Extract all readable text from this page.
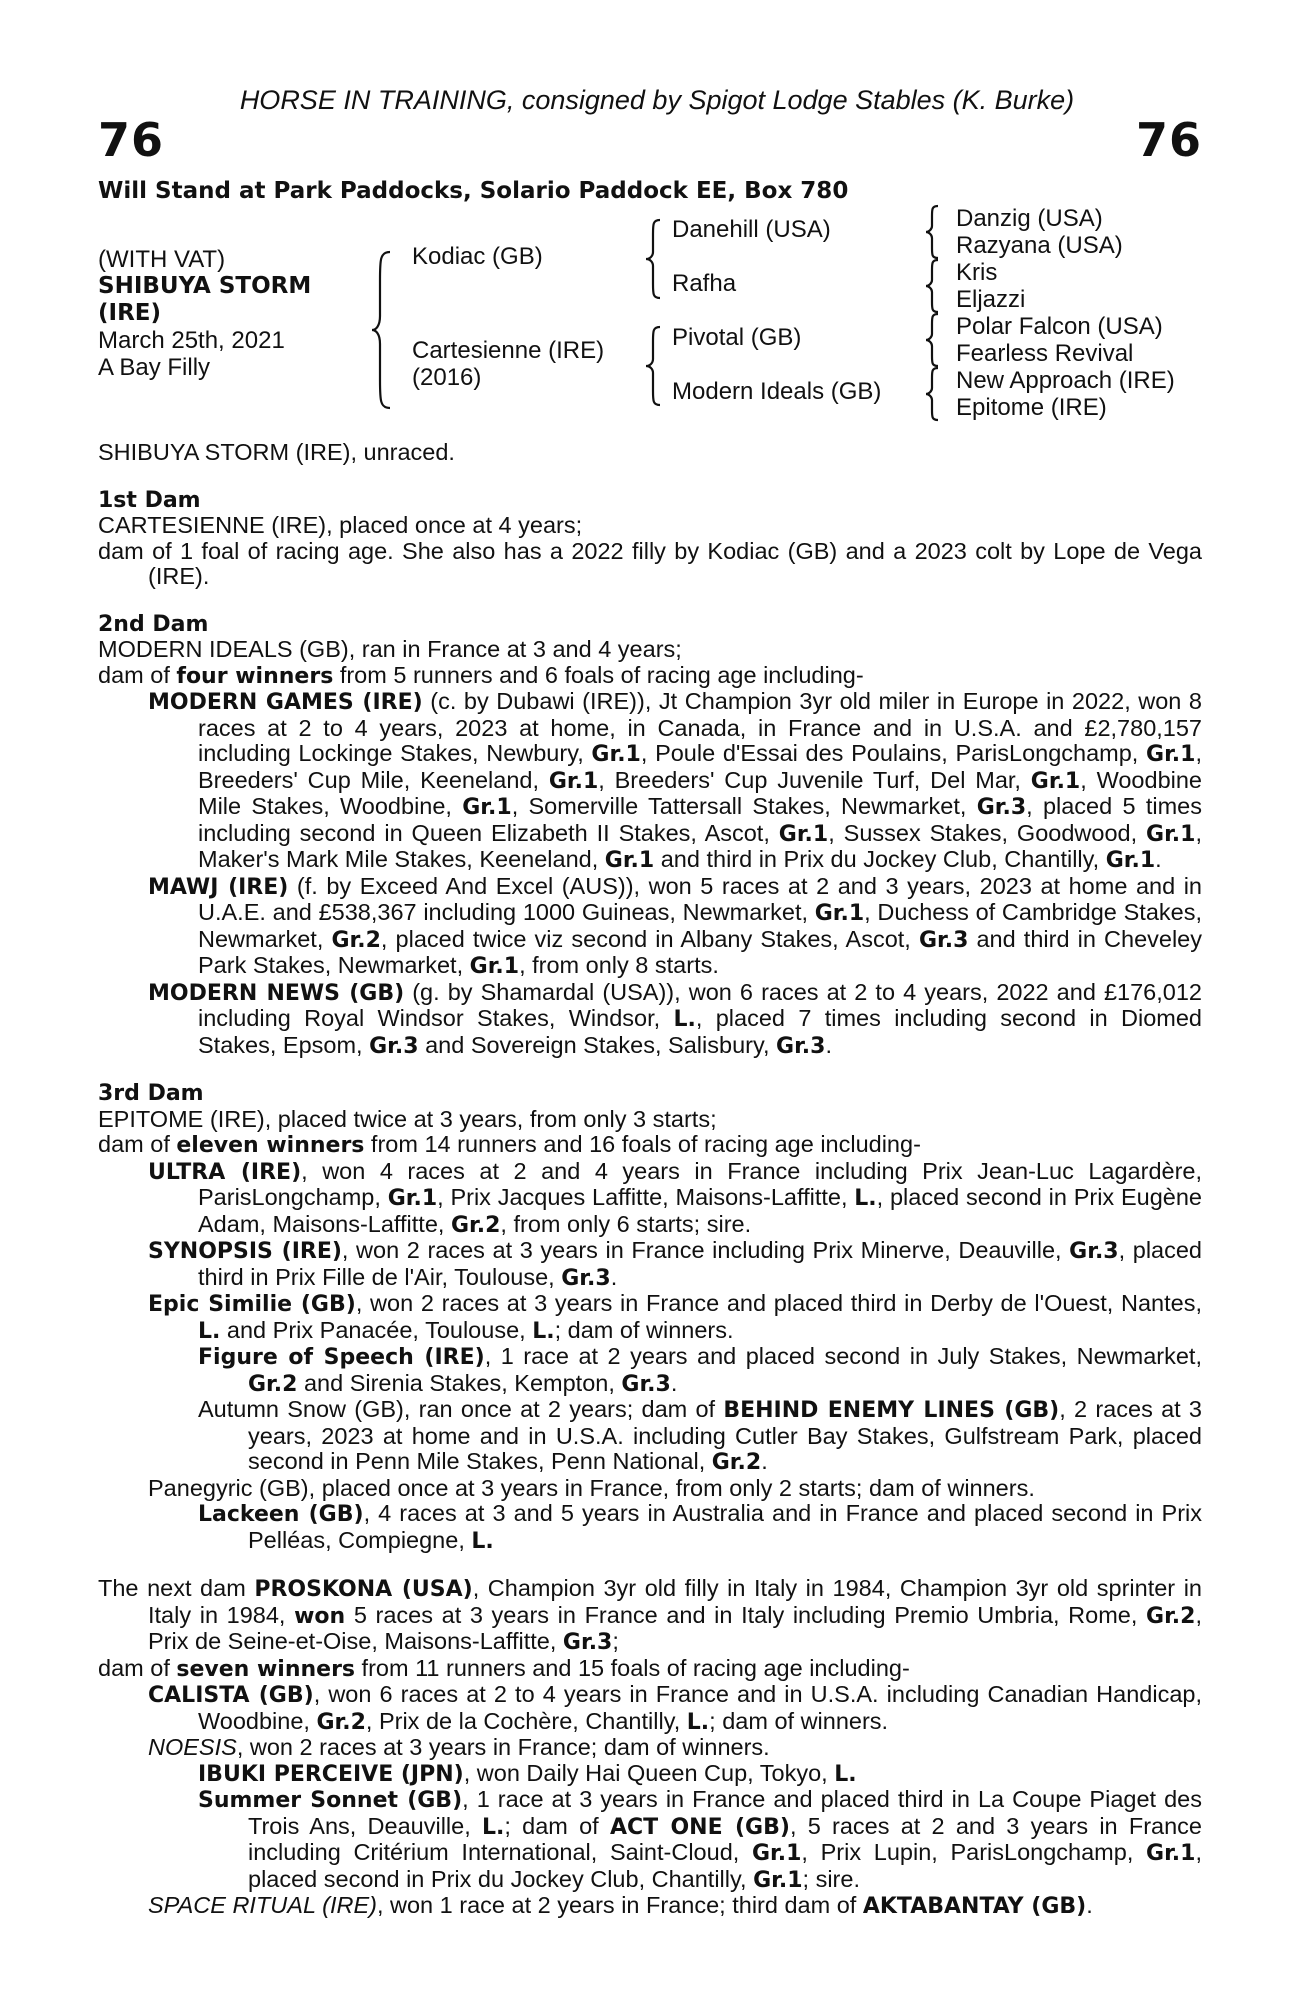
HORSE IN TRAINING, consigned by Spigot Lodge Stables (K. Burke)
76	76
Will Stand at Park Paddocks, Solario Paddock EE, Box 780
(WITH VAT)
SHIBUYA STORM
(IRE)
March 25th, 2021
A Bay Filly
Kodiac (GB)
Cartesienne (IRE)
(2016)
Danehill (USA)
Rafha
Pivotal (GB)
Modern Ideals (GB)
Danzig (USA)
Razyana (USA)
Kris
Eljazzi
Polar Falcon (USA)
Fearless Revival
New Approach (IRE)
Epitome (IRE)

SHIBUYA STORM (IRE), unraced.

1st Dam

CARTESIENNE (IRE), placed once at 4 years;

dam of 1 foal of racing age. She also has a 2022 filly by Kodiac (GB) and a 2023 colt by Lope de Vega (IRE).

2nd Dam

MODERN IDEALS (GB), ran in France at 3 and 4 years;

dam of four winners from 5 runners and 6 foals of racing age including-

MODERN GAMES (IRE) (c. by Dubawi (IRE)), Jt Champion 3yr old miler in Europe in 2022, won 8 races at 2 to 4 years, 2023 at home, in Canada, in France and in U.S.A. and £2,780,157 including Lockinge Stakes, Newbury, Gr.1, Poule d'Essai des Poulains, ParisLongchamp, Gr.1, Breeders' Cup Mile, Keeneland, Gr.1, Breeders' Cup Juvenile Turf, Del Mar, Gr.1, Woodbine Mile Stakes, Woodbine, Gr.1, Somerville Tattersall Stakes, Newmarket, Gr.3, placed 5 times including second in Queen Elizabeth II Stakes, Ascot, Gr.1, Sussex Stakes, Goodwood, Gr.1, Maker's Mark Mile Stakes, Keeneland, Gr.1 and third in Prix du Jockey Club, Chantilly, Gr.1.

MAWJ (IRE) (f. by Exceed And Excel (AUS)), won 5 races at 2 and 3 years, 2023 at home and in U.A.E. and £538,367 including 1000 Guineas, Newmarket, Gr.1, Duchess of Cambridge Stakes, Newmarket, Gr.2, placed twice viz second in Albany Stakes, Ascot, Gr.3 and third in Cheveley Park Stakes, Newmarket, Gr.1, from only 8 starts.

MODERN NEWS (GB) (g. by Shamardal (USA)), won 6 races at 2 to 4 years, 2022 and £176,012 including Royal Windsor Stakes, Windsor, L., placed 7 times including second in Diomed Stakes, Epsom, Gr.3 and Sovereign Stakes, Salisbury, Gr.3.

3rd Dam

EPITOME (IRE), placed twice at 3 years, from only 3 starts;

dam of eleven winners from 14 runners and 16 foals of racing age including-

ULTRA (IRE), won 4 races at 2 and 4 years in France including Prix Jean-Luc Lagardère, ParisLongchamp, Gr.1, Prix Jacques Laffitte, Maisons-Laffitte, L., placed second in Prix Eugène Adam, Maisons-Laffitte, Gr.2, from only 6 starts; sire.

SYNOPSIS (IRE), won 2 races at 3 years in France including Prix Minerve, Deauville, Gr.3, placed third in Prix Fille de l'Air, Toulouse, Gr.3.

Epic Similie (GB), won 2 races at 3 years in France and placed third in Derby de l'Ouest, Nantes, L. and Prix Panacée, Toulouse, L.; dam of winners.

Figure of Speech (IRE), 1 race at 2 years and placed second in July Stakes, Newmarket, Gr.2 and Sirenia Stakes, Kempton, Gr.3.

Autumn Snow (GB), ran once at 2 years; dam of BEHIND ENEMY LINES (GB), 2 races at 3 years, 2023 at home and in U.S.A. including Cutler Bay Stakes, Gulfstream Park, placed second in Penn Mile Stakes, Penn National, Gr.2.

Panegyric (GB), placed once at 3 years in France, from only 2 starts; dam of winners.

Lackeen (GB), 4 races at 3 and 5 years in Australia and in France and placed second in Prix Pelléas, Compiegne, L.

The next dam PROSKONA (USA), Champion 3yr old filly in Italy in 1984, Champion 3yr old sprinter in Italy in 1984, won 5 races at 3 years in France and in Italy including Premio Umbria, Rome, Gr.2, Prix de Seine-et-Oise, Maisons-Laffitte, Gr.3;

dam of seven winners from 11 runners and 15 foals of racing age including-

CALISTA (GB), won 6 races at 2 to 4 years in France and in U.S.A. including Canadian Handicap, Woodbine, Gr.2, Prix de la Cochère, Chantilly, L.; dam of winners.

NOESIS, won 2 races at 3 years in France; dam of winners.

IBUKI PERCEIVE (JPN), won Daily Hai Queen Cup, Tokyo, L.

Summer Sonnet (GB), 1 race at 3 years in France and placed third in La Coupe Piaget des Trois Ans, Deauville, L.; dam of ACT ONE (GB), 5 races at 2 and 3 years in France including Critérium International, Saint-Cloud, Gr.1, Prix Lupin, ParisLongchamp, Gr.1, placed second in Prix du Jockey Club, Chantilly, Gr.1; sire.

SPACE RITUAL (IRE), won 1 race at 2 years in France; third dam of AKTABANTAY (GB).
